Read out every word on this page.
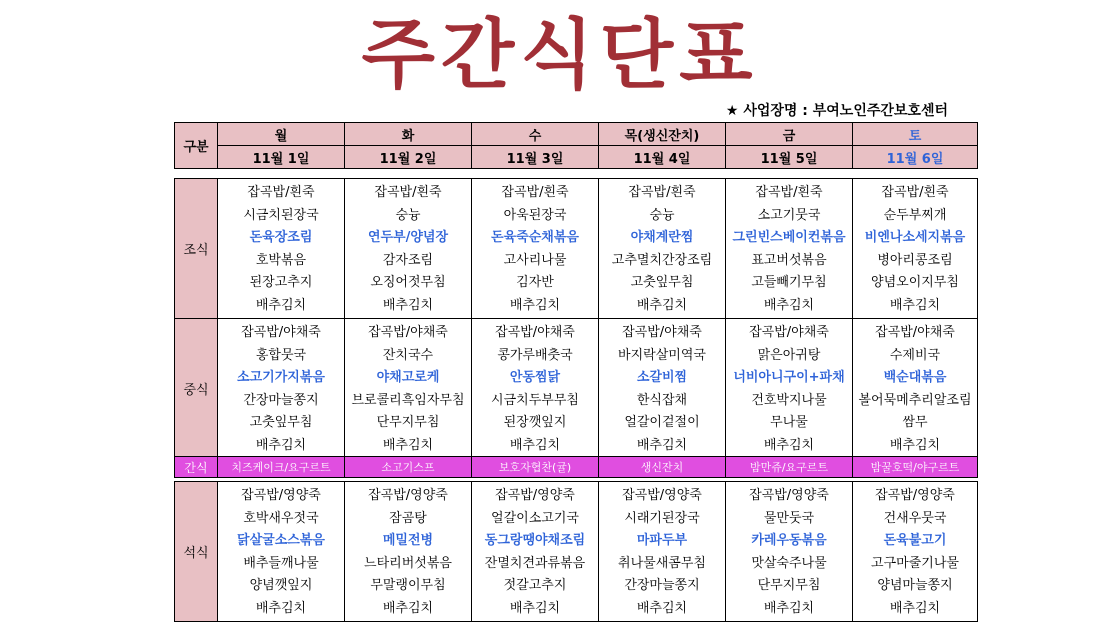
주간식단표
★ 사업장명 : 부여노인주간보호센터
구분	월	화	수	목(생신잔치)	금	토
	11월 1일	11월 2일	11월 3일	11월 4일	11월 5일	11월 6일
조식	
잡곡밥/흰죽
시금치된장국
돈육장조림
호박볶음
된장고추지
배추김치

잡곡밥/흰죽
숭늉
연두부/양념장
감자조림
오징어젓무침
배추김치

잡곡밥/흰죽
아욱된장국
돈육죽순채볶음
고사리나물
김자반
배추김치

잡곡밥/흰죽
숭늉
야채계란찜
고추멸치간장조림
고춧잎무침
배추김치

잡곡밥/흰죽
소고기뭇국
그린빈스베이컨볶음
표고버섯볶음
고들빼기무침
배추김치

잡곡밥/흰죽
순두부찌개
비엔나소세지볶음
병아리콩조림
양념오이지무침
배추김치
중식	
잡곡밥/야채죽
홍합뭇국
소고기가지볶음
간장마늘쫑지
고춧잎무침
배추김치

잡곡밥/야채죽
잔치국수
야채고로케
브로콜리흑임자무침
단무지무침
배추김치

잡곡밥/야채죽
콩가루배춧국
안동찜닭
시금치두부무침
된장깻잎지
배추김치

잡곡밥/야채죽
바지락살미역국
소갈비찜
한식잡채
얼갈이겉절이
배추김치

잡곡밥/야채죽
맑은아귀탕
너비아니구이+파채
건호박지나물
무나물
배추김치

잡곡밥/야채죽
수제비국
백순대볶음
볼어묵메추리알조림
쌈무
배추김치
석식	
잡곡밥/영양죽
호박새우젓국
닭살굴소스볶음
배추들깨나물
양념깻잎지
배추김치

잡곡밥/영양죽
잠곰탕
메밀전병
느타리버섯볶음
무말랭이무침
배추김치

잡곡밥/영양죽
얼갈이소고기국
동그랑땡야채조림
잔멸치견과류볶음
젓갈고추지
배추김치

잡곡밥/영양죽
시래기된장국
마파두부
취나물새콤무침
간장마늘쫑지
배추김치

잡곡밥/영양죽
물만둣국
카레우동볶음
맛살숙주나물
단무지무침
배추김치

잡곡밥/영양죽
건새우뭇국
돈육불고기
고구마줄기나물
양념마늘쫑지
배추김치
간식	치즈케이크/요구르트	소고기스프	보호자협찬(귤)	생신잔치	밤만쥬/요구르트	밤꿀호떡/야구르트
